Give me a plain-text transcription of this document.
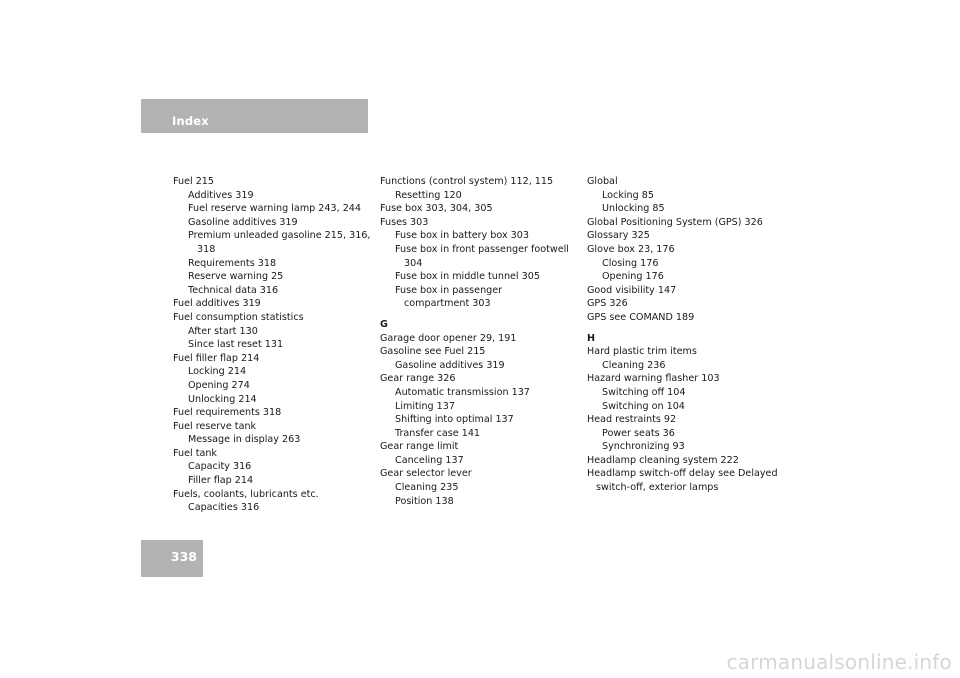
Index
Fuel 215
Additives 319
Fuel reserve warning lamp 243, 244
Gasoline additives 319
Premium unleaded gasoline 215, 316,
318
Requirements 318
Reserve warning 25
Technical data 316
Fuel additives 319
Fuel consumption statistics
After start 130
Since last reset 131
Fuel filler flap 214
Locking 214
Opening 274
Unlocking 214
Fuel requirements 318
Fuel reserve tank
Message in display 263
Fuel tank
Capacity 316
Filler flap 214
Fuels, coolants, lubricants etc.
Capacities 316
Functions (control system) 112, 115
Resetting 120
Fuse box 303, 304, 305
Fuses 303
Fuse box in battery box 303
Fuse box in front passenger footwell
304
Fuse box in middle tunnel 305
Fuse box in passenger
compartment 303
G
Garage door opener 29, 191
Gasoline see Fuel 215
Gasoline additives 319
Gear range 326
Automatic transmission 137
Limiting 137
Shifting into optimal 137
Transfer case 141
Gear range limit
Canceling 137
Gear selector lever
Cleaning 235
Position 138
Global
Locking 85
Unlocking 85
Global Positioning System (GPS) 326
Glossary 325
Glove box 23, 176
Closing 176
Opening 176
Good visibility 147
GPS 326
GPS see COMAND 189
H
Hard plastic trim items
Cleaning 236
Hazard warning flasher 103
Switching off 104
Switching on 104
Head restraints 92
Power seats 36
Synchronizing 93
Headlamp cleaning system 222
Headlamp switch-off delay see Delayed
switch-off, exterior lamps
338
carmanualsonline.info
